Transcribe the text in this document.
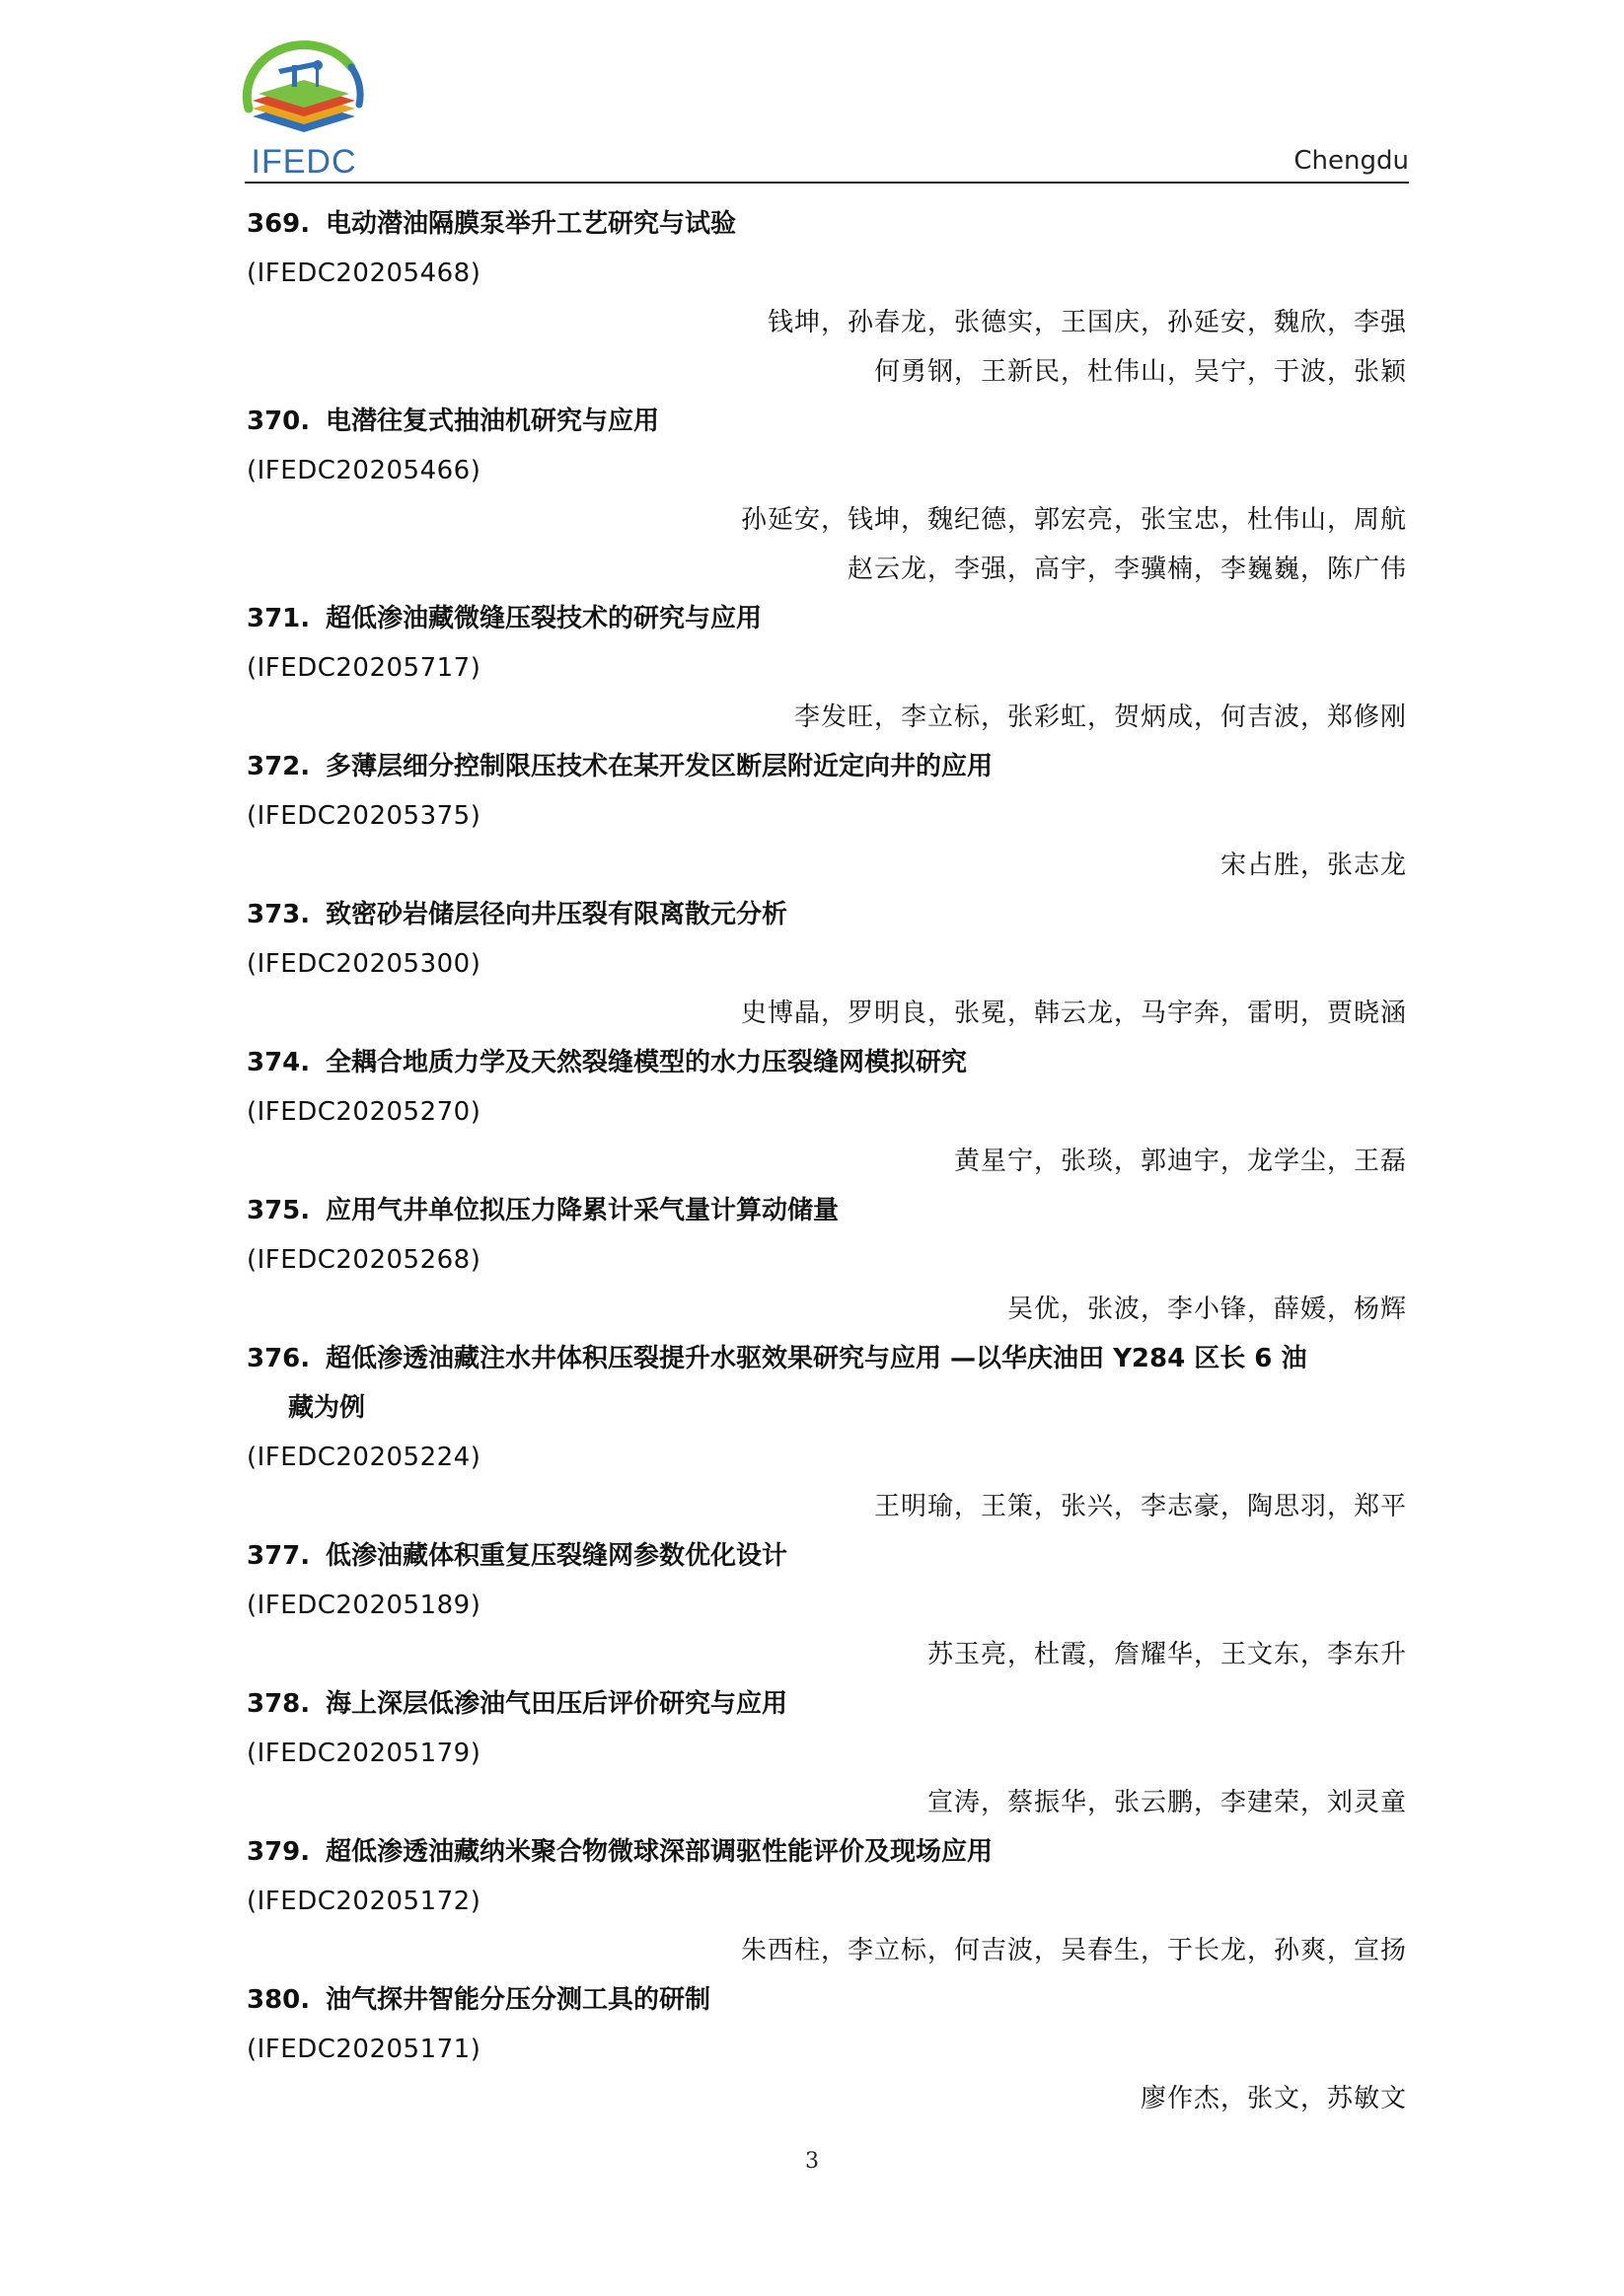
IFEDC	Chengdu
369. 电动潜油隔膜泵举升工艺研究与试验
(IFEDC20205468)
钱坤，孙春龙，张德实，王国庆，孙延安，魏欣，李强
何勇钢，王新民，杜伟山，吴宁，于波，张颖
370. 电潜往复式抽油机研究与应用
(IFEDC20205466)
孙延安，钱坤，魏纪德，郭宏亮，张宝忠，杜伟山，周航
赵云龙，李强，高宇，李骥楠，李巍巍，陈广伟
371. 超低渗油藏微缝压裂技术的研究与应用
(IFEDC20205717)
李发旺，李立标，张彩虹，贺炳成，何吉波，郑修刚
372. 多薄层细分控制限压技术在某开发区断层附近定向井的应用
(IFEDC20205375)
宋占胜，张志龙
373. 致密砂岩储层径向井压裂有限离散元分析
(IFEDC20205300)
史博晶，罗明良，张冕，韩云龙，马宇奔，雷明，贾晓涵
374. 全耦合地质力学及天然裂缝模型的水力压裂缝网模拟研究
(IFEDC20205270)
黄星宁，张琰，郭迪宇，龙学尘，王磊
375. 应用气井单位拟压力降累计采气量计算动储量
(IFEDC20205268)
吴优，张波，李小锋，薛媛，杨辉
376. 超低渗透油藏注水井体积压裂提升水驱效果研究与应用 —以华庆油田 Y284 区长 6 油
藏为例
(IFEDC20205224)
王明瑜，王策，张兴，李志豪，陶思羽，郑平
377. 低渗油藏体积重复压裂缝网参数优化设计
(IFEDC20205189)
苏玉亮，杜霞，詹耀华，王文东，李东升
378. 海上深层低渗油气田压后评价研究与应用
(IFEDC20205179)
宣涛，蔡振华，张云鹏，李建荣，刘灵童
379. 超低渗透油藏纳米聚合物微球深部调驱性能评价及现场应用
(IFEDC20205172)
朱西柱，李立标，何吉波，吴春生，于长龙，孙爽，宣扬
380. 油气探井智能分压分测工具的研制
(IFEDC20205171)
廖作杰，张文，苏敏文
3
